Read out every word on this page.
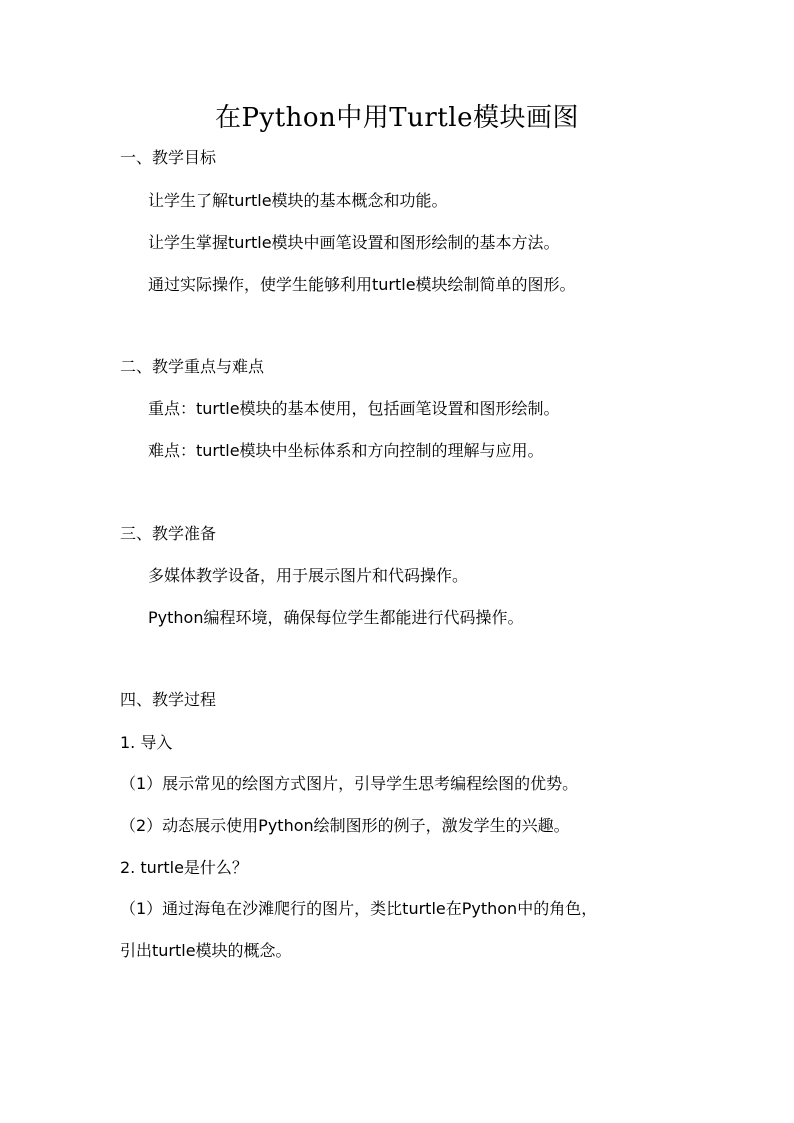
在Python中用Turtle模块画图
一、教学目标
让学生了解turtle模块的基本概念和功能。
让学生掌握turtle模块中画笔设置和图形绘制的基本方法。
通过实际操作，使学生能够利用turtle模块绘制简单的图形。
二、教学重点与难点
重点：turtle模块的基本使用，包括画笔设置和图形绘制。
难点：turtle模块中坐标体系和方向控制的理解与应用。
三、教学准备
多媒体教学设备，用于展示图片和代码操作。
Python编程环境，确保每位学生都能进行代码操作。
四、教学过程
1. 导入
（1）展示常见的绘图方式图片，引导学生思考编程绘图的优势。
（2）动态展示使用Python绘制图形的例子，激发学生的兴趣。
2. turtle是什么？
（1）通过海龟在沙滩爬行的图片，类比turtle在Python中的角色，
引出turtle模块的概念。
